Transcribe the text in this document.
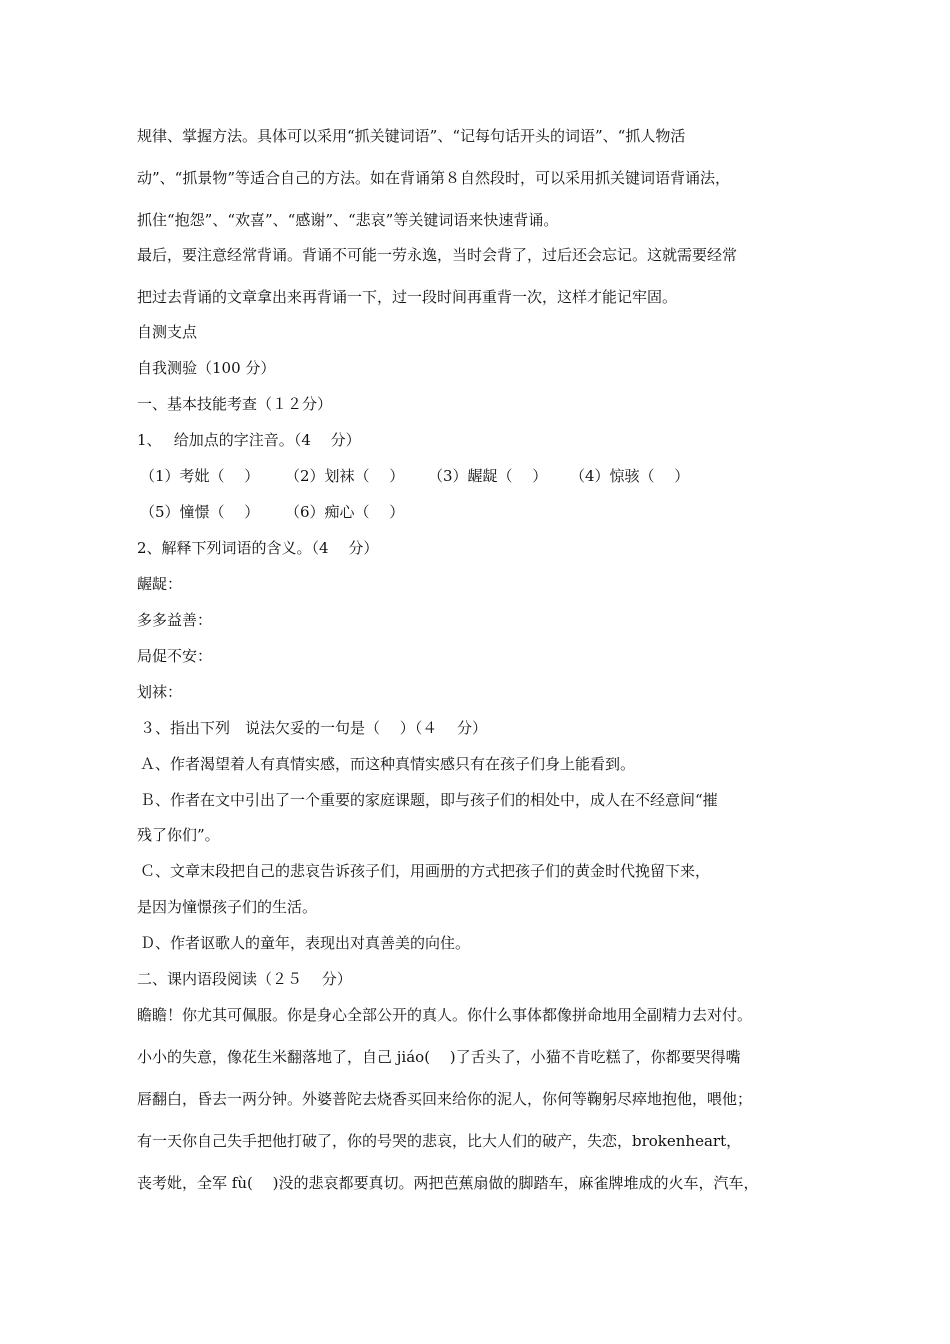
规律、掌握方法。具体可以采用“抓关键词语”、“记每句话开头的词语”、“抓人物活
动”、“抓景物”等适合自己的方法。如在背诵第８自然段时，可以采用抓关键词语背诵法，
抓住“抱怨”、“欢喜”、“感谢”、“悲哀”等关键词语来快速背诵。
最后，要注意经常背诵。背诵不可能一劳永逸，当时会背了，过后还会忘记。这就需要经常
把过去背诵的文章拿出来再背诵一下，过一段时间再重背一次，这样才能记牢固。
自测支点
自我测验（100 分）
一、基本技能考查（１２分）
1、　 给加点的字注音。（4　 分）
（1）考妣（　 ） （2）划袜（　 ） （3）龌龊（　 ） （4）惊骇（　 ）
（5）憧憬（　 ） （6）痴心（　 ）
2、解释下列词语的含义。（4　 分）
龌龊：
多多益善：
局促不安：
划袜：
３、指出下列　说法欠妥的一句是（　 ）（４　 分）
Ａ、作者渴望着人有真情实感，而这种真情实感只有在孩子们身上能看到。
Ｂ、作者在文中引出了一个重要的家庭课题，即与孩子们的相处中，成人在不经意间“摧
残了你们”。
Ｃ、文章末段把自己的悲哀告诉孩子们，用画册的方式把孩子们的黄金时代挽留下来，
是因为憧憬孩子们的生活。
Ｄ、作者讴歌人的童年，表现出对真善美的向住。
二、课内语段阅读（２５　 分）
瞻瞻！你尤其可佩服。你是身心全部公开的真人。你什么事体都像拼命地用全副精力去对付。
小小的失意，像花生米翻落地了，自己 jiáo(　 )了舌头了，小猫不肯吃糕了，你都要哭得嘴
唇翻白，昏去一两分钟。外婆普陀去烧香买回来给你的泥人，你何等鞠躬尽瘁地抱他，喂他；
有一天你自己失手把他打破了，你的号哭的悲哀，比大人们的破产，失恋，brokenheart，
丧考妣，全军 fù(　 )没的悲哀都要真切。两把芭蕉扇做的脚踏车，麻雀牌堆成的火车，汽车，
